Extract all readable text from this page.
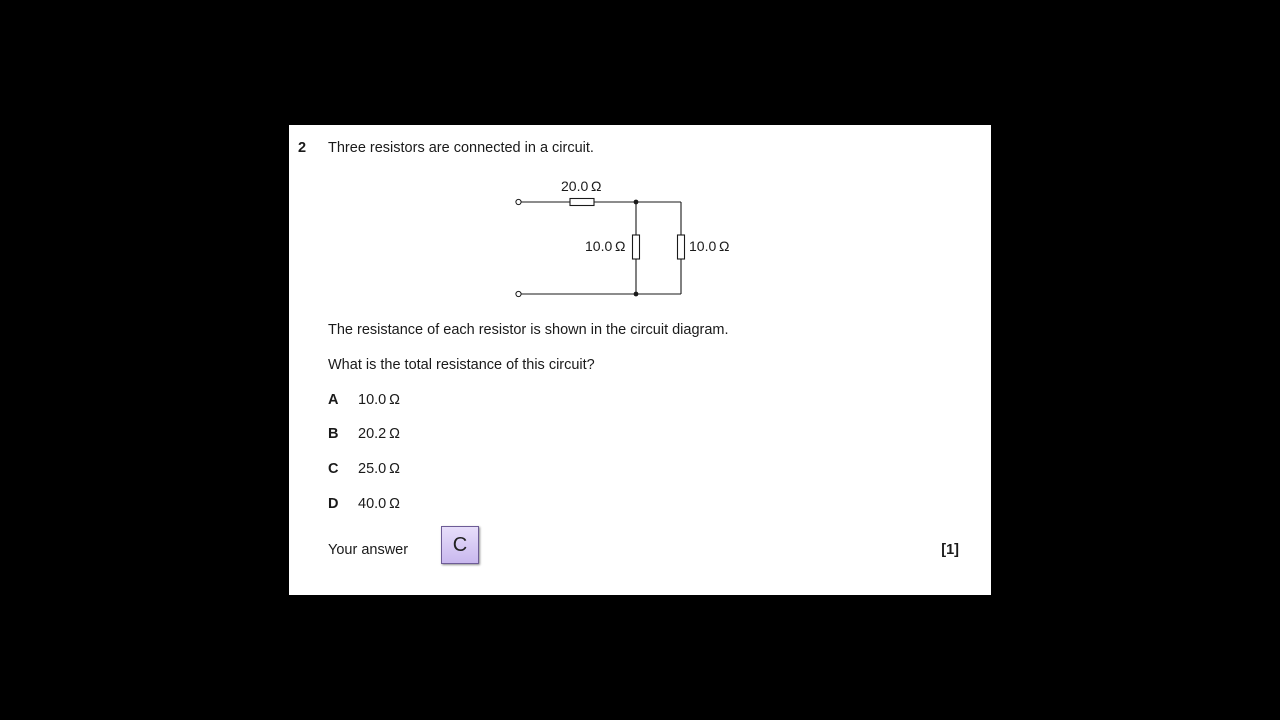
2 Three resistors are connected in a circuit.
20.0 Ω
10.0 Ω	10.0 Ω
The resistance of each resistor is shown in the circuit diagram.
What is the total resistance of this circuit?
A 10.0 Ω
B 20.2 Ω
C 25.0 Ω
D 40.0 Ω
Your answer	C	[1]
